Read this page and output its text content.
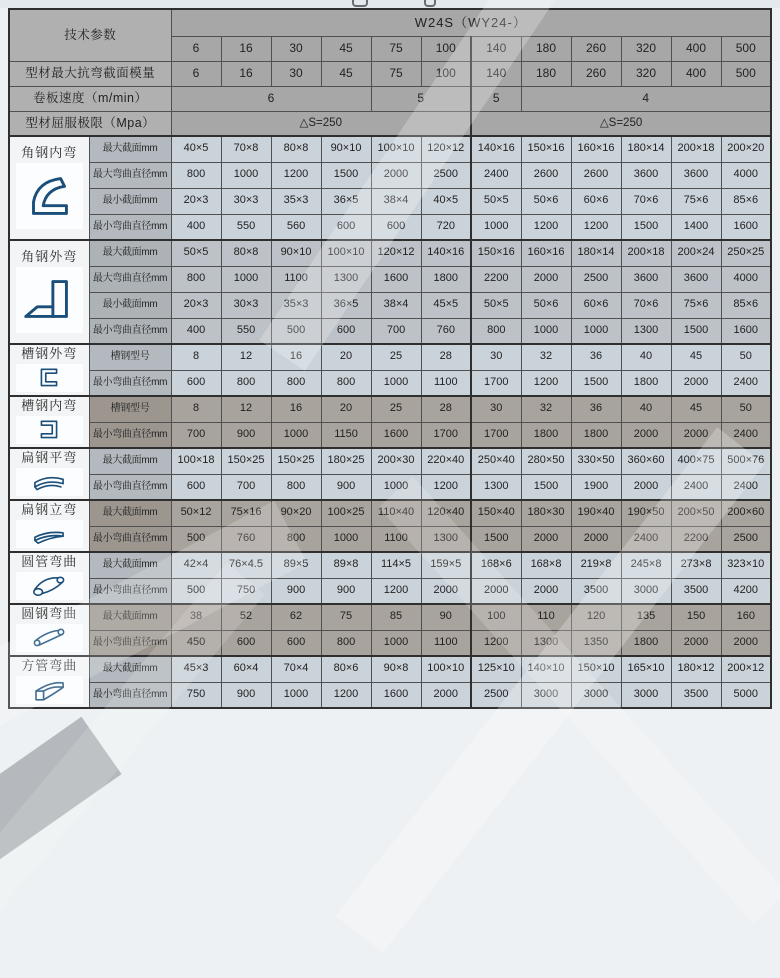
技术参数		W24S（WY24-）											
		6	16	30	45	75	100	140	180	260	320	400	500
型材最大抗弯截面模量		6	16	30	45	75	100	140	180	260	320	400	500
卷板速度（m/min）		6				5		5	4				
型材屈服极限（Mpa）		△S=250						△S=250					

角钢内弯	最大截面mm	40×5	70×8	80×8	90×10	100×10	120×12	140×16	150×16	160×16	180×14	200×18	200×20
	最大弯曲直径mm	800	1000	1200	1500	2000	2500	2400	2600	2600	3600	3600	4000
	最小截面mm	20×3	30×3	35×3	36×5	38×4	40×5	50×5	50×6	60×6	70×6	75×6	85×6
	最小弯曲直径mm	400	550	560	600	600	720	1000	1200	1200	1500	1400	1600

角钢外弯	最大截面mm	50×5	80×8	90×10	100×10	120×12	140×16	150×16	160×16	180×14	200×18	200×24	250×25
	最大弯曲直径mm	800	1000	1100	1300	1600	1800	2200	2000	2500	3600	3600	4000
	最小截面mm	20×3	30×3	35×3	36×5	38×4	45×5	50×5	50×6	60×6	70×6	75×6	85×6
	最小弯曲直径mm	400	550	500	600	700	760	800	1000	1000	1300	1500	1600

槽钢外弯	槽钢型号	8	12	16	20	25	28	30	32	36	40	45	50
	最小弯曲直径mm	600	800	800	800	1000	1100	1700	1200	1500	1800	2000	2400

槽钢内弯	槽钢型号	8	12	16	20	25	28	30	32	36	40	45	50
	最小弯曲直径mm	700	900	1000	1150	1600	1700	1700	1800	1800	2000	2000	2400

扁钢平弯	最大截面mm	100×18	150×25	150×25	180×25	200×30	220×40	250×40	280×50	330×50	360×60	400×75	500×76
	最小弯曲直径mm	600	700	800	900	1000	1200	1300	1500	1900	2000	2400	2400

扁钢立弯	最大截面mm	50×12	75×16	90×20	100×25	110×40	120×40	150×40	180×30	190×40	190×50	200×50	200×60
	最小弯曲直径mm	500	760	800	1000	1100	1300	1500	2000	2000	2400	2200	2500

圆管弯曲	最大截面mm	42×4	76×4.5	89×5	89×8	114×5	159×5	168×6	168×8	219×8	245×8	273×8	323×10
	最小弯曲直径mm	500	750	900	900	1200	2000	2000	2000	3500	3000	3500	4200

圆钢弯曲	最大截面mm	38	52	62	75	85	90	100	110	120	135	150	160
	最小弯曲直径mm	450	600	600	800	1000	1100	1200	1300	1350	1800	2000	2000

方管弯曲	最大截面mm	45×3	60×4	70×4	80×6	90×8	100×10	125×10	140×10	150×10	165×10	180×12	200×12
	最小弯曲直径mm	750	900	1000	1200	1600	2000	2500	3000	3000	3000	3500	5000
